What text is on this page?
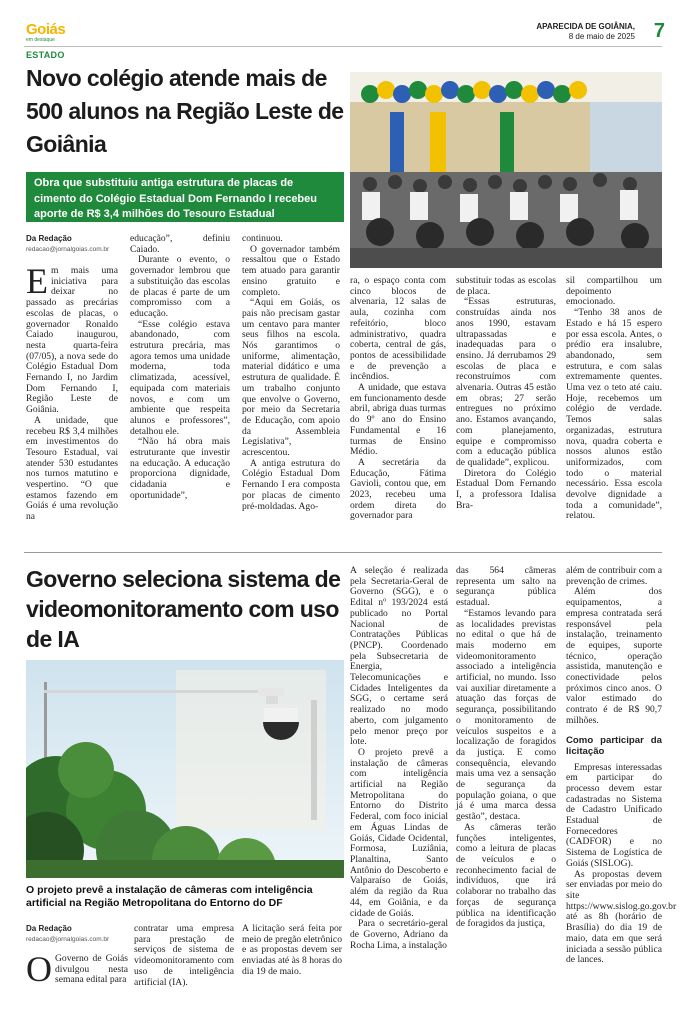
Goiás
em destaque
APARECIDA DE GOIÂNIA,
8 de maio de 2025 7
ESTADO
Novo colégio atende mais de 500 alunos na Região Leste de Goiânia
Obra que substituiu antiga estrutura de placas de cimento do Colégio Estadual Dom Fernando I recebeu aporte de R$ 3,4 milhões do Tesouro Estadual
Da Redação
redacao@jornalgoias.com.br

Em mais uma iniciativa para deixar no passado as precárias escolas de placas, o governador Ronaldo Caiado inaugurou, nesta quarta-feira (07/05), a nova sede do Colégio Estadual Dom Fernando I, no Jardim Dom Fernando I, Região Leste de Goiânia.

A unidade, que recebeu R$ 3,4 milhões em investimentos do Tesouro Estadual, vai atender 530 estudantes nos turnos matutino e vespertino. “O que estamos fazendo em Goiás é uma revolução na

educação”, definiu Caiado.

Durante o evento, o governador lembrou que a substituição das escolas de placas é parte de um compromisso com a educação.

“Esse colégio estava abandonado, com estrutura precária, mas agora temos uma unidade moderna, toda climatizada, acessível, equipada com materiais novos, e com um ambiente que respeita alunos e professores”, detalhou ele.

“Não há obra mais estruturante que investir na educação. A educação proporciona dignidade, cidadania e oportunidade”,

continuou.

O governador também ressaltou que o Estado tem atuado para garantir ensino gratuito e completo.

“Aqui em Goiás, os pais não precisam gastar um centavo para manter seus filhos na escola. Nós garantimos o uniforme, alimentação, material didático e uma estrutura de qualidade. É um trabalho conjunto que envolve o Governo, por meio da Secretaria de Educação, com apoio da Assembleia Legislativa”, acrescentou.

A antiga estrutura do Colégio Estadual Dom Fernando I era composta por placas de cimento pré-moldadas. Ago-

ra, o espaço conta com cinco blocos de alvenaria, 12 salas de aula, cozinha com refeitório, bloco administrativo, quadra coberta, central de gás, pontos de acessibilidade e de prevenção a incêndios.

A unidade, que estava em funcionamento desde abril, abriga duas turmas do 9º ano do Ensino Fundamental e 16 turmas de Ensino Médio.

A secretária da Educação, Fátima Gavioli, contou que, em 2023, recebeu uma ordem direta do governador para

substituir todas as escolas de placa.

“Essas estruturas, construídas ainda nos anos 1990, estavam ultrapassadas e inadequadas para o ensino. Já derrubamos 29 escolas de placa e reconstruímos com alvenaria. Outras 45 estão em obras; 27 serão entregues no próximo ano. Estamos avançando, com planejamento, equipe e compromisso com a educação pública de qualidade”, explicou.

Diretora do Colégio Estadual Dom Fernando I, a professora Idalisa Bra-

sil compartilhou um depoimento emocionado.

“Tenho 38 anos de Estado e há 15 espero por essa escola. Antes, o prédio era insalubre, abandonado, sem estrutura, e com salas extremamente quentes. Uma vez o teto até caiu. Hoje, recebemos um colégio de verdade. Temos salas organizadas, estrutura nova, quadra coberta e nossos alunos estão uniformizados, com todo o material necessário. Essa escola devolve dignidade a toda a comunidade”, relatou.

Governo seleciona sistema de videomonitoramento com uso de IA
O projeto prevê a instalação de câmeras com inteligência artificial na Região Metropolitana do Entorno do DF
Da Redação
redacao@jornalgoias.com.br

O Governo de Goiás divulgou nesta semana edital para

contratar uma empresa para prestação de serviços de sistema de videomonitoramento com uso de inteligência artificial (IA).

A licitação será feita por meio de pregão eletrônico e as propostas devem ser enviadas até às 8 horas do dia 19 de maio.

A seleção é realizada pela Secretaria-Geral de Governo (SGG), e o Edital nº 193/2024 está publicado no Portal Nacional de Contratações Públicas (PNCP). Coordenado pela Subsecretaria de Energia, Telecomunicações e Cidades Inteligentes da SGG, o certame será realizado no modo aberto, com julgamento pelo menor preço por lote.

O projeto prevê a instalação de câmeras com inteligência artificial na Região Metropolitana do Entorno do Distrito Federal, com foco inicial em Águas Lindas de Goiás, Cidade Ocidental, Formosa, Luziânia, Planaltina, Santo Antônio do Descoberto e Valparaíso de Goiás, além da região da Rua 44, em Goiânia, e da cidade de Goiás.

Para o secretário-geral de Governo, Adriano da Rocha Lima, a instalação

das 564 câmeras representa um salto na segurança pública estadual.

“Estamos levando para as localidades previstas no edital o que há de mais moderno em videomonitoramento associado a inteligência artificial, no mundo. Isso vai auxiliar diretamente a atuação das forças de segurança, possibilitando o monitoramento de veículos suspeitos e a localização de foragidos da justiça. E como consequência, elevando mais uma vez a sensação de segurança da população goiana, o que já é uma marca dessa gestão”, destaca.

As câmeras terão funções inteligentes, como a leitura de placas de veículos e o reconhecimento facial de indivíduos, que irá colaborar no trabalho das forças de segurança pública na identificação de foragidos da justiça,

além de contribuir com a prevenção de crimes.

Além dos equipamentos, a empresa contratada será responsável pela instalação, treinamento de equipes, suporte técnico, operação assistida, manutenção e conectividade pelos próximos cinco anos. O valor estimado do contrato é de R$ 90,7 milhões.

Como participar da licitação

Empresas interessadas em participar do processo devem estar cadastradas no Sistema de Cadastro Unificado Estadual de Fornecedores (CADFOR) e no Sistema de Logística de Goiás (SISLOG).

As propostas devem ser enviadas por meio do site https://www.sislog.go.gov.br até as 8h (horário de Brasília) do dia 19 de maio, data em que será iniciada a sessão pública de lances.
